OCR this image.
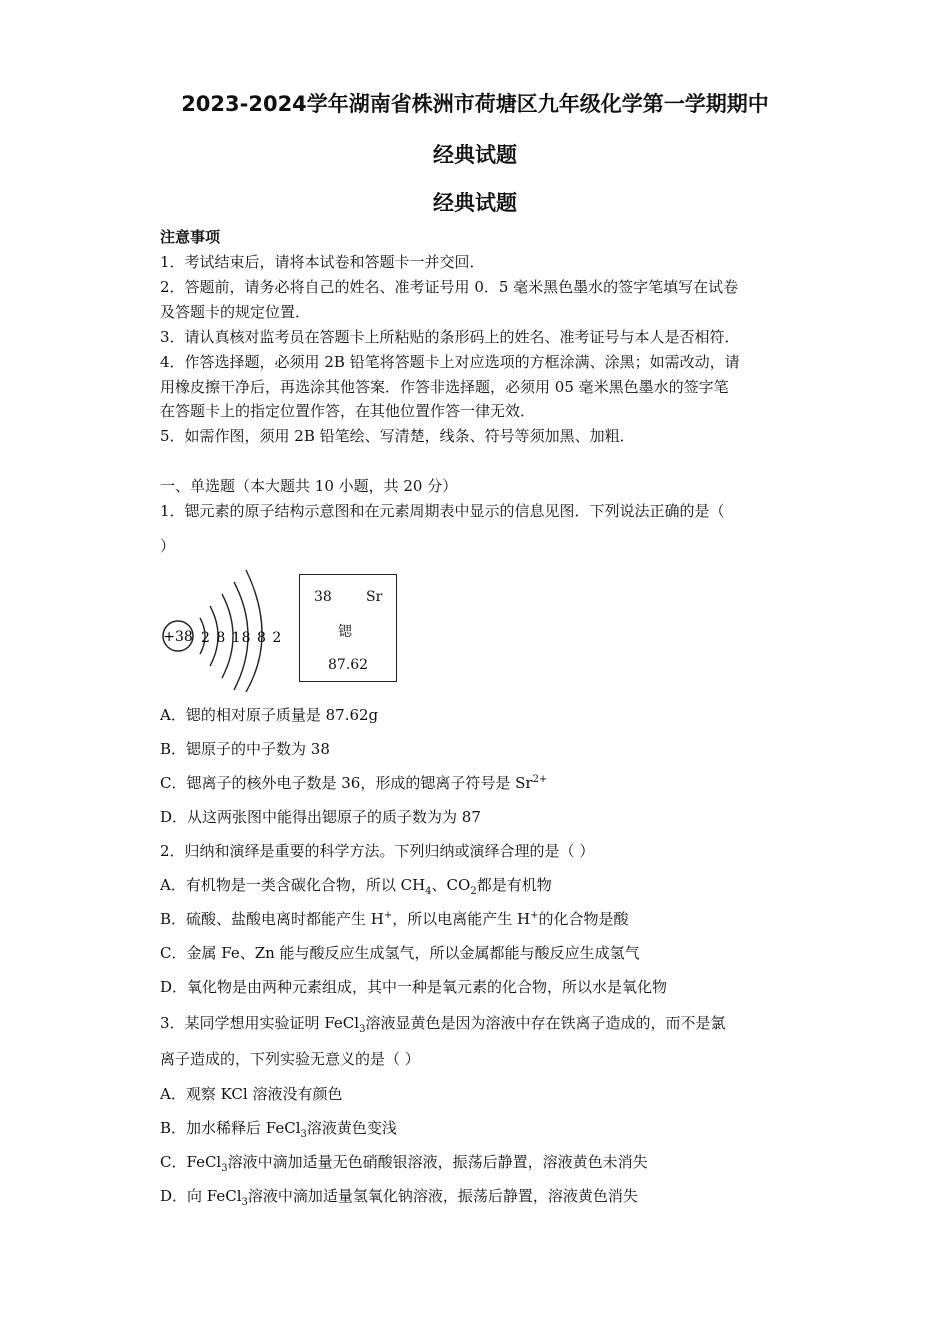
2023-2024学年湖南省株洲市荷塘区九年级化学第一学期期中
经典试题
经典试题
注意事项
1．考试结束后，请将本试卷和答题卡一并交回．
2．答题前，请务必将自己的姓名、准考证号用 0．5 毫米黑色墨水的签字笔填写在试卷
及答题卡的规定位置．
3．请认真核对监考员在答题卡上所粘贴的条形码上的姓名、准考证号与本人是否相符．
4．作答选择题，必须用 2B 铅笔将答题卡上对应选项的方框涂满、涂黑；如需改动，请
用橡皮擦干净后，再选涂其他答案．作答非选择题，必须用 05 毫米黑色墨水的签字笔
在答题卡上的指定位置作答，在其他位置作答一律无效．
5．如需作图，须用 2B 铅笔绘、写清楚，线条、符号等须加黑、加粗．
一、单选题（本大题共 10 小题，共 20 分）
1．锶元素的原子结构示意图和在元素周期表中显示的信息见图．下列说法正确的是（
）
+38 2 8 18 8 2
38 Sr
锶
87.62
A．锶的相对原子质量是 87.62g
B．锶原子的中子数为 38
C．锶离子的核外电子数是 36，形成的锶离子符号是 $Sr^{2+}$
D．从这两张图中能得出锶原子的质子数为为 87
2．归纳和演绎是重要的科学方法。下列归纳或演绎合理的是（ ）
A．有机物是一类含碳化合物，所以 $CH_4$、$CO_2$都是有机物
B．硫酸、盐酸电离时都能产生 H+，所以电离能产生 H+的化合物是酸
C．金属 Fe、Zn 能与酸反应生成氢气，所以金属都能与酸反应生成氢气
D．氧化物是由两种元素组成，其中一种是氧元素的化合物，所以水是氧化物
3．某同学想用实验证明 FeCl$_3$溶液显黄色是因为溶液中存在铁离子造成的，而不是氯
离子造成的，下列实验无意义的是（ ）
A．观察 KCl 溶液没有颜色
B．加水稀释后 FeCl$_3$溶液黄色变浅
C．FeCl$_3$溶液中滴加适量无色硝酸银溶液，振荡后静置，溶液黄色未消失
D．向 FeCl$_3$溶液中滴加适量氢氧化钠溶液，振荡后静置，溶液黄色消失
